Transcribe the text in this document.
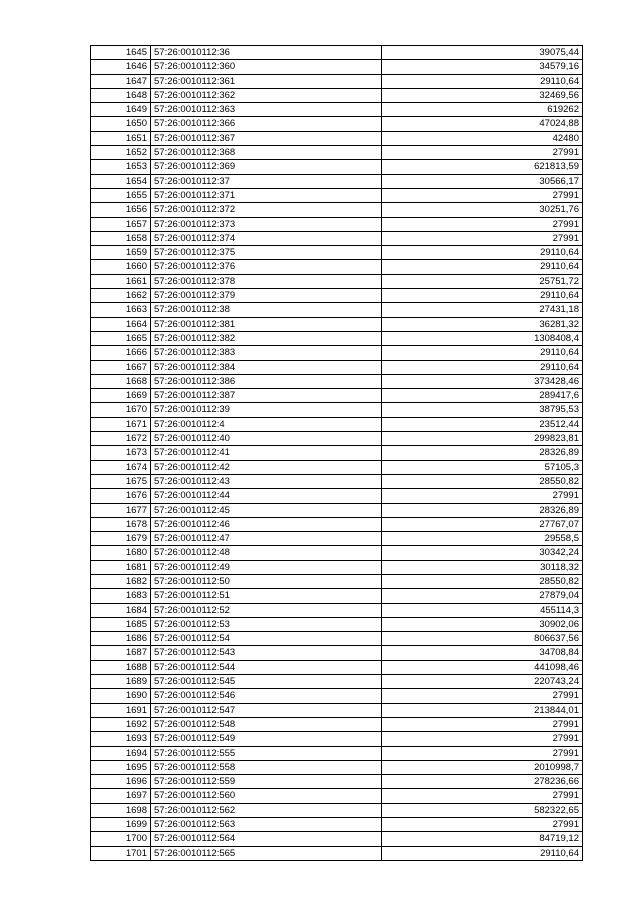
1645	57:26:0010112:36	39075,44
1646	57:26:0010112:360	34579,16
1647	57:26:0010112:361	29110,64
1648	57:26:0010112:362	32469,56
1649	57:26:0010112:363	619262
1650	57:26:0010112:366	47024,88
1651	57:26:0010112:367	42480
1652	57:26:0010112:368	27991
1653	57:26:0010112:369	621813,59
1654	57:26:0010112:37	30566,17
1655	57:26:0010112:371	27991
1656	57:26:0010112:372	30251,76
1657	57:26:0010112:373	27991
1658	57:26:0010112:374	27991
1659	57:26:0010112:375	29110,64
1660	57:26:0010112:376	29110,64
1661	57:26:0010112:378	25751,72
1662	57:26:0010112:379	29110,64
1663	57:26:0010112:38	27431,18
1664	57:26:0010112:381	36281,32
1665	57:26:0010112:382	1308408,4
1666	57:26:0010112:383	29110,64
1667	57:26:0010112:384	29110,64
1668	57:26:0010112:386	373428,46
1669	57:26:0010112:387	289417,6
1670	57:26:0010112:39	38795,53
1671	57:26:0010112:4	23512,44
1672	57:26:0010112:40	299823,81
1673	57:26:0010112:41	28326,89
1674	57:26:0010112:42	57105,3
1675	57:26:0010112:43	28550,82
1676	57:26:0010112:44	27991
1677	57:26:0010112:45	28326,89
1678	57:26:0010112:46	27767,07
1679	57:26:0010112:47	29558,5
1680	57:26:0010112:48	30342,24
1681	57:26:0010112:49	30118,32
1682	57:26:0010112:50	28550,82
1683	57:26:0010112:51	27879,04
1684	57:26:0010112:52	455114,3
1685	57:26:0010112:53	30902,06
1686	57:26:0010112:54	806637,56
1687	57:26:0010112:543	34708,84
1688	57:26:0010112:544	441098,46
1689	57:26:0010112:545	220743,24
1690	57:26:0010112:546	27991
1691	57:26:0010112:547	213844,01
1692	57:26:0010112:548	27991
1693	57:26:0010112:549	27991
1694	57:26:0010112:555	27991
1695	57:26:0010112:558	2010998,7
1696	57:26:0010112:559	278236,66
1697	57:26:0010112:560	27991
1698	57:26:0010112:562	582322,65
1699	57:26:0010112:563	27991
1700	57:26:0010112:564	84719,12
1701	57:26:0010112:565	29110,64
